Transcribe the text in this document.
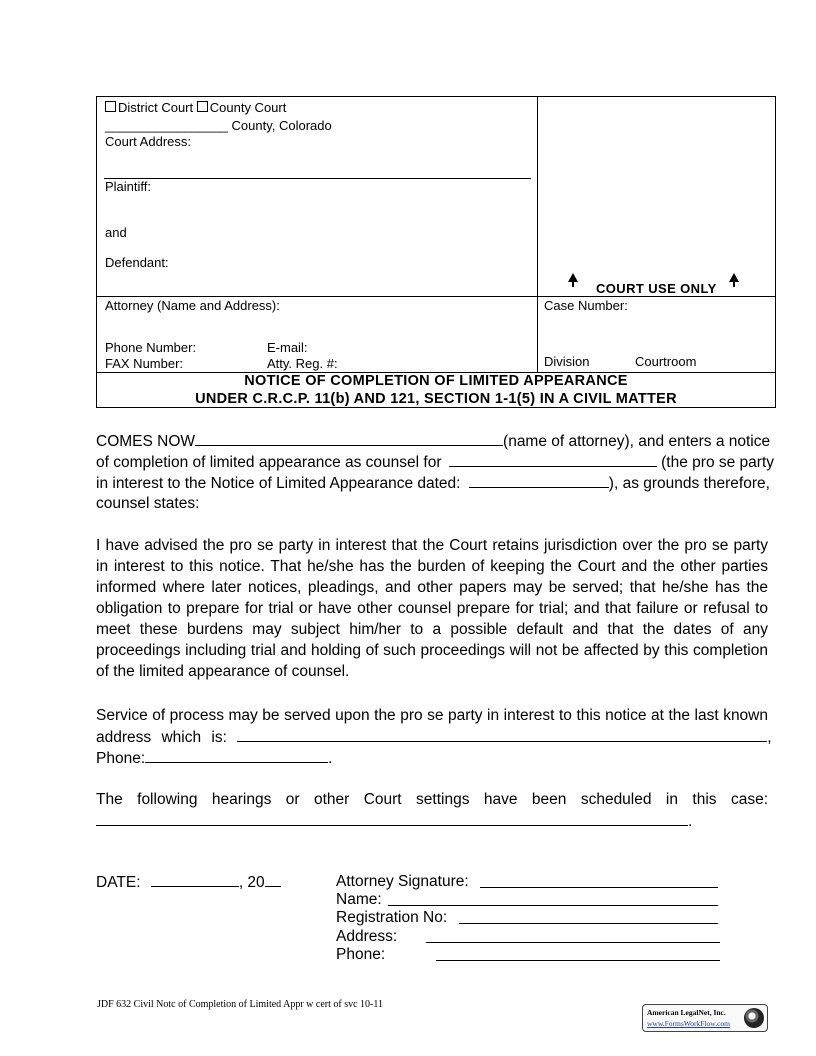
District Court County Court
_________________ County, Colorado
Court Address:
Plaintiff:
and
Defendant:
COURT USE ONLY
Attorney (Name and Address):
Phone Number:	E-mail:
FAX Number:	Atty. Reg. #:
Case Number:
Division	Courtroom
NOTICE OF COMPLETION OF LIMITED APPEARANCE
UNDER C.R.C.P. 11(b) AND 121, SECTION 1-1(5) IN A CIVIL MATTER
COMES NOW	(name of attorney), and enters a notice
of completion of limited appearance as counsel for	(the pro se party
in interest to the Notice of Limited Appearance dated:	), as grounds therefore,
counsel states:
I have advised the pro se party in interest that the Court retains jurisdiction over the pro se party in interest to this notice. That he/she has the burden of keeping the Court and the other parties informed where later notices, pleadings, and other papers may be served; that he/she has the obligation to prepare for trial or have other counsel prepare for trial; and that failure or refusal to meet these burdens may subject him/her to a possible default and that the dates of any proceedings including trial and holding of such proceedings will not be affected by this completion of the limited appearance of counsel.
Service of process may be served upon the pro se party in interest to this notice at the last known
address which is:	,
Phone:	.
The following hearings or other Court settings have been scheduled in this case:
.
DATE:	, 20	Attorney Signature:
Name:
Registration No:
Address:
Phone:
JDF 632 Civil Notc of Completion of Limited Appr w cert of svc 10-11
American LegalNet, Inc.
www.FormsWorkFlow.com
